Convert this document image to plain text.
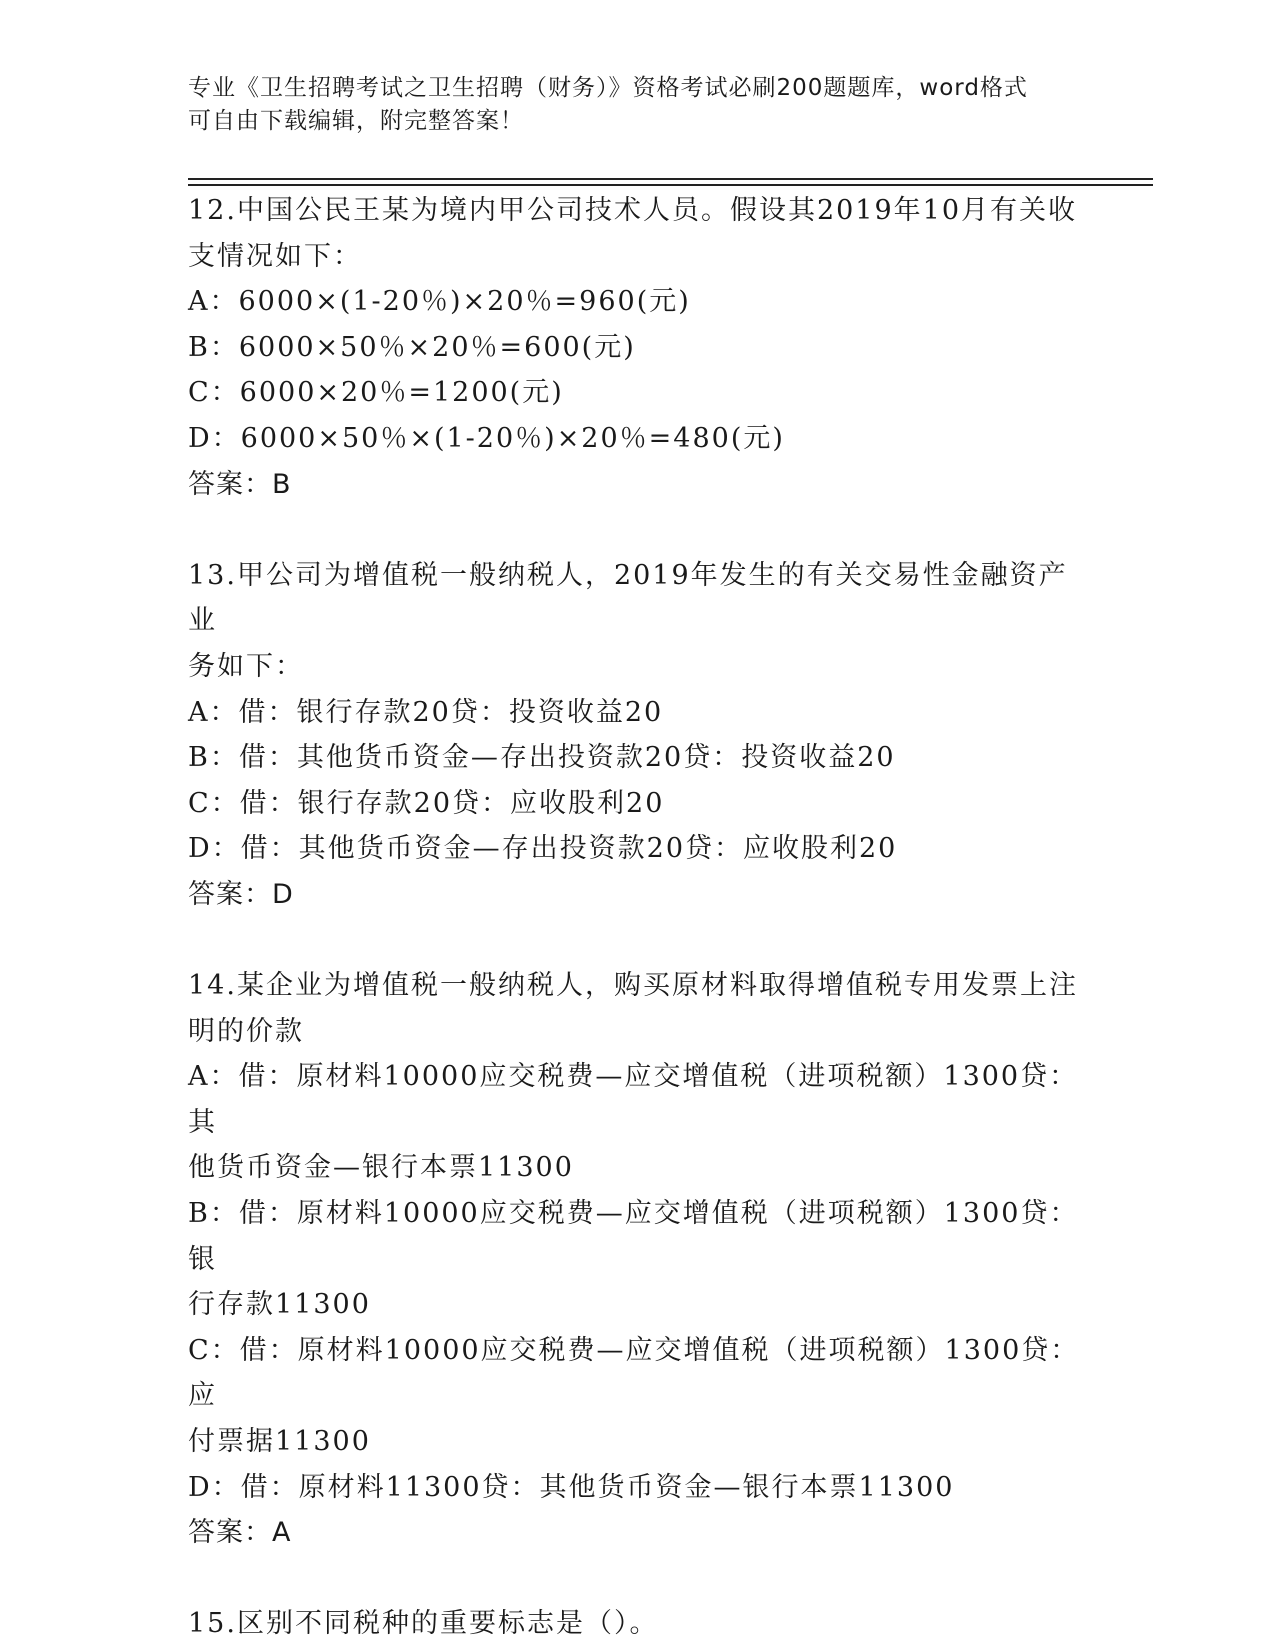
专业《卫生招聘考试之卫生招聘（财务）》资格考试必刷200题题库，word格式
可自由下载编辑，附完整答案！

12.中国公民王某为境内甲公司技术人员。假设其2019年10月有关收

支情况如下：

A：6000×(1-20％)×20％=960(元)

B：6000×50％×20％=600(元)

C：6000×20％=1200(元)

D：6000×50％×(1-20％)×20％=480(元)

答案：B

13.甲公司为增值税一般纳税人，2019年发生的有关交易性金融资产业

务如下：

A：借：银行存款20贷：投资收益20

B：借：其他货币资金—存出投资款20贷：投资收益20

C：借：银行存款20贷：应收股利20

D：借：其他货币资金—存出投资款20贷：应收股利20

答案：D

14.某企业为增值税一般纳税人，购买原材料取得增值税专用发票上注

明的价款

A：借：原材料10000应交税费—应交增值税（进项税额）1300贷：其

他货币资金—银行本票11300

B：借：原材料10000应交税费—应交增值税（进项税额）1300贷：银

行存款11300

C：借：原材料10000应交税费—应交增值税（进项税额）1300贷：应

付票据11300

D：借：原材料11300贷：其他货币资金—银行本票11300

答案：A

15.区别不同税种的重要标志是（）。
